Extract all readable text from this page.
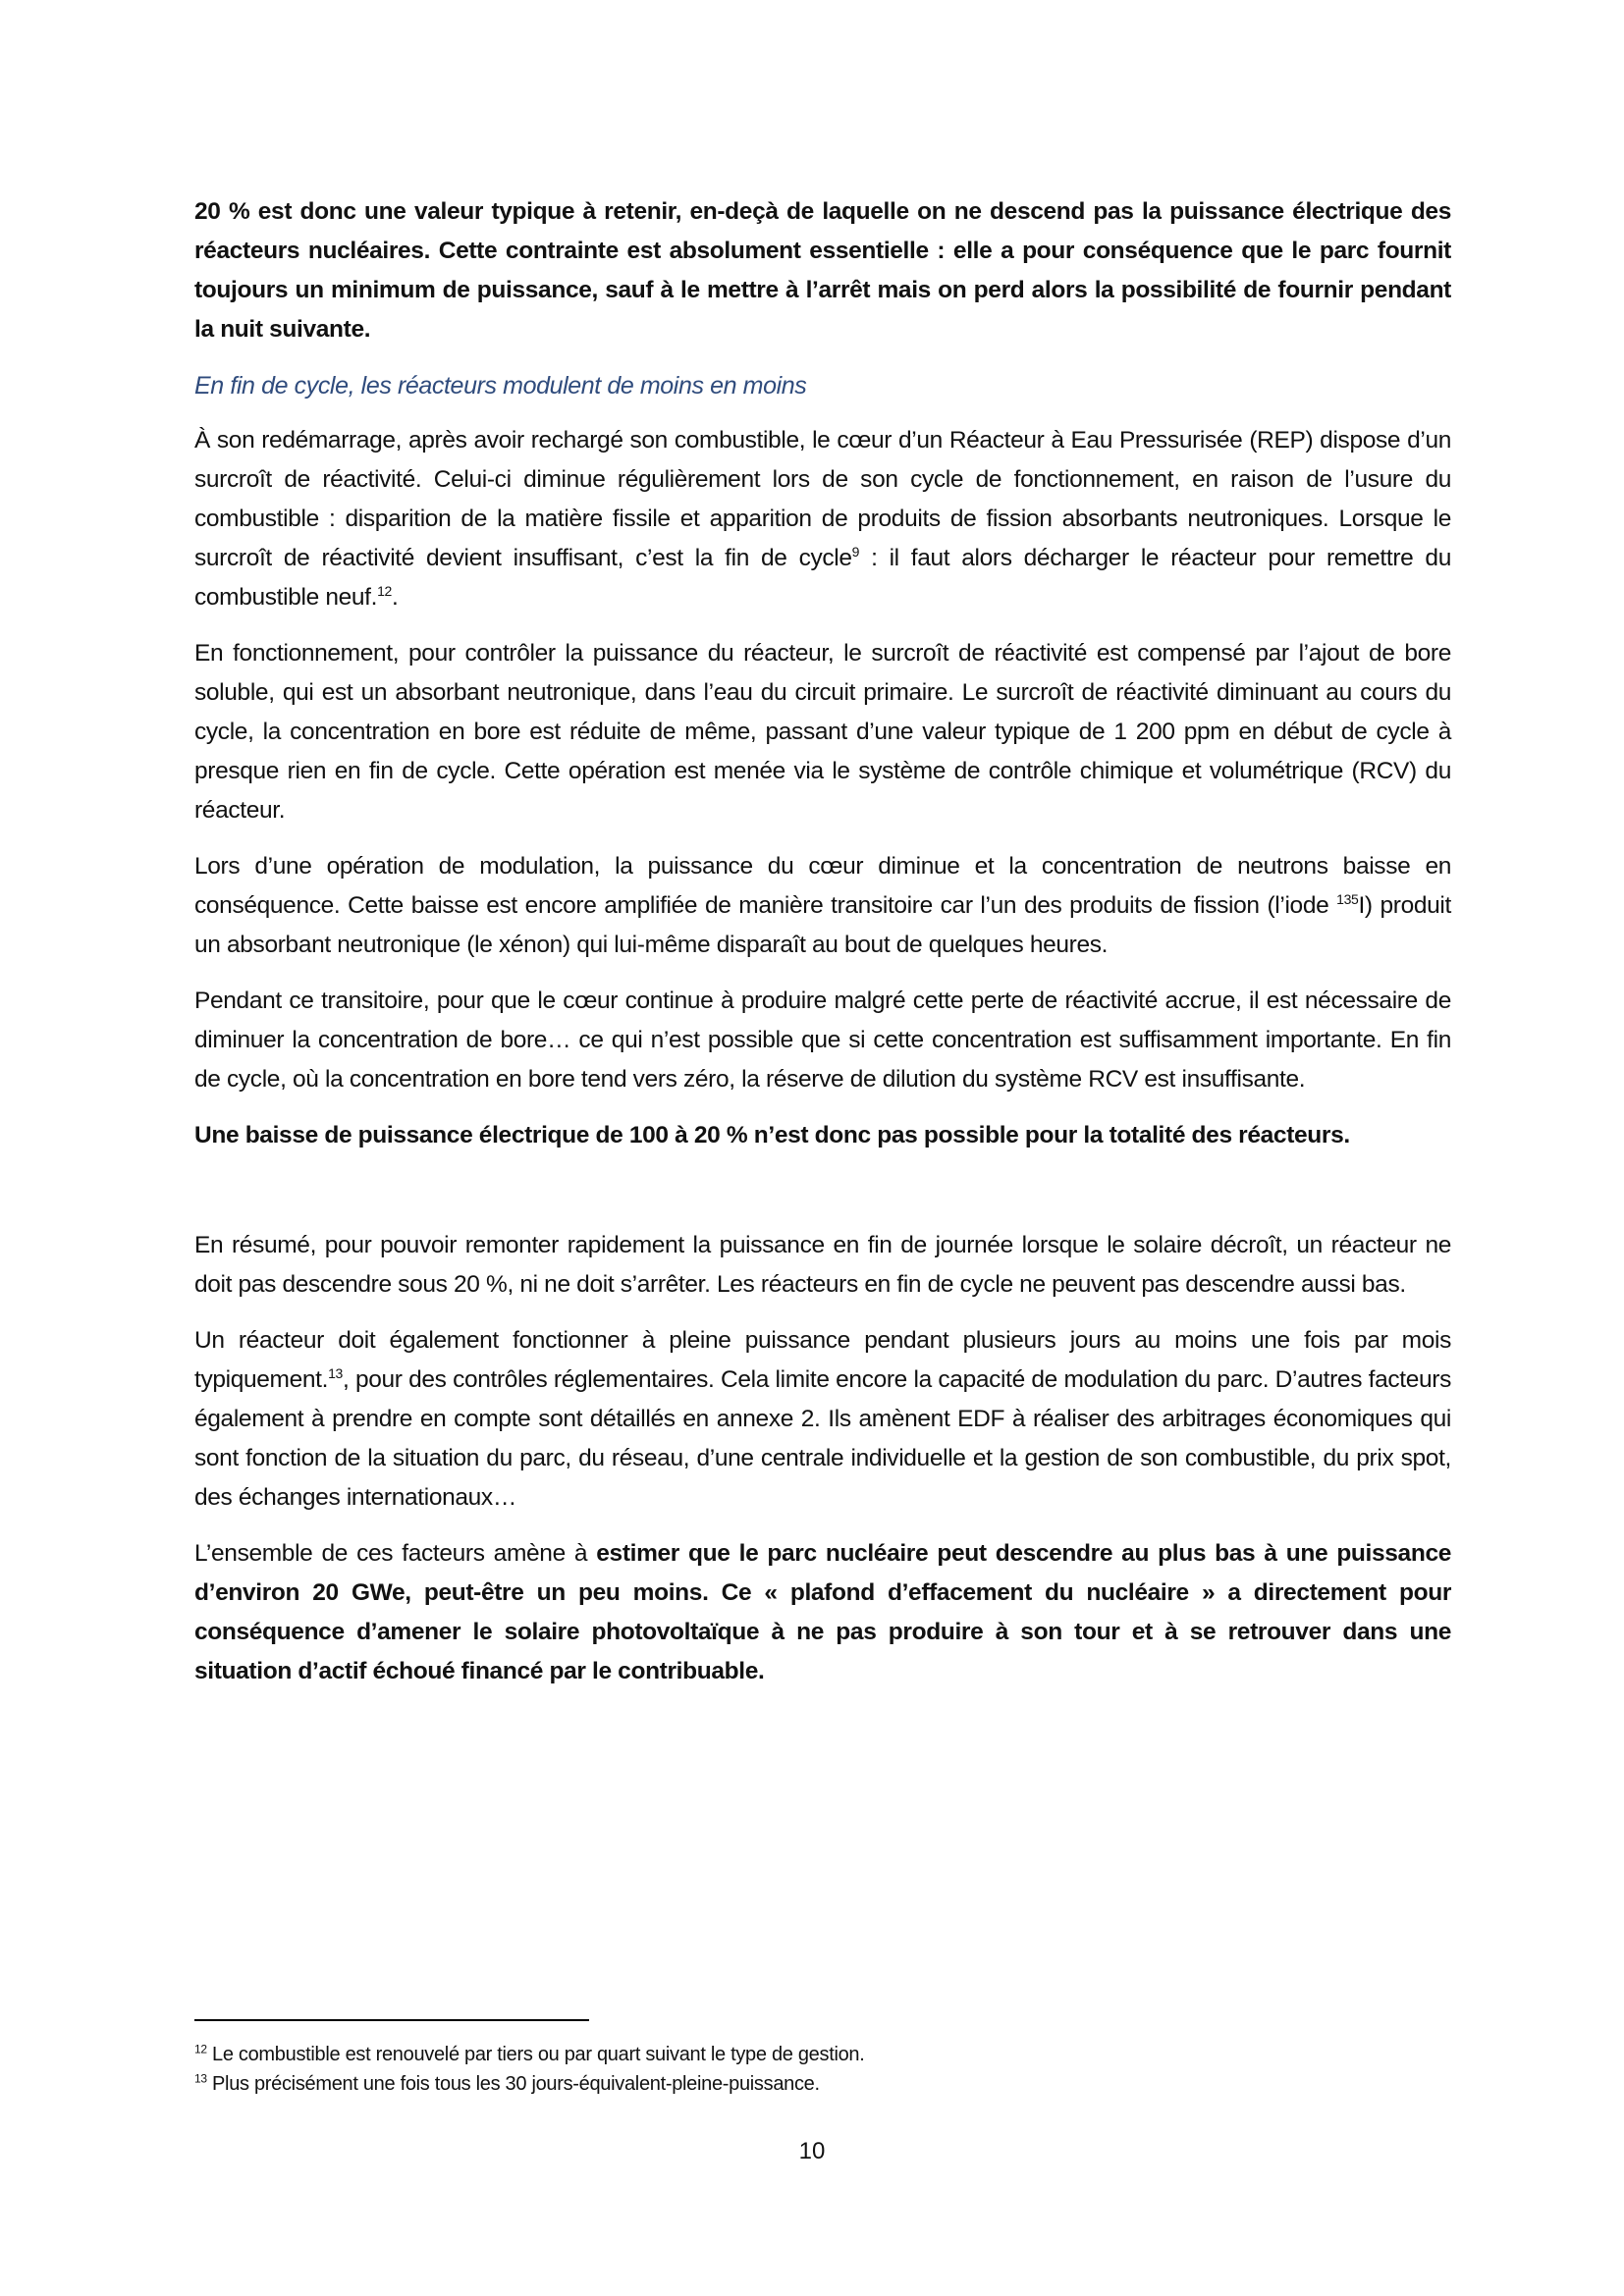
20 % est donc une valeur typique à retenir, en-deçà de laquelle on ne descend pas la puissance électrique des réacteurs nucléaires. Cette contrainte est absolument essentielle : elle a pour conséquence que le parc fournit toujours un minimum de puissance, sauf à le mettre à l’arrêt mais on perd alors la possibilité de fournir pendant la nuit suivante.

En fin de cycle, les réacteurs modulent de moins en moins

À son redémarrage, après avoir rechargé son combustible, le cœur d’un Réacteur à Eau Pressurisée (REP) dispose d’un surcroît de réactivité. Celui-ci diminue régulièrement lors de son cycle de fonctionnement, en raison de l’usure du combustible : disparition de la matière fissile et apparition de produits de fission absorbants neutroniques. Lorsque le surcroît de réactivité devient insuffisant, c’est la fin de cycle$^9$ : il faut alors décharger le réacteur pour remettre du combustible neuf.$^{12}$.

En fonctionnement, pour contrôler la puissance du réacteur, le surcroît de réactivité est compensé par l’ajout de bore soluble, qui est un absorbant neutronique, dans l’eau du circuit primaire. Le surcroît de réactivité diminuant au cours du cycle, la concentration en bore est réduite de même, passant d’une valeur typique de 1 200 ppm en début de cycle à presque rien en fin de cycle. Cette opération est menée via le système de contrôle chimique et volumétrique (RCV) du réacteur.

Lors d’une opération de modulation, la puissance du cœur diminue et la concentration de neutrons baisse en conséquence. Cette baisse est encore amplifiée de manière transitoire car l’un des produits de fission (l’iode $^{135}$I) produit un absorbant neutronique (le xénon) qui lui-même disparaît au bout de quelques heures.

Pendant ce transitoire, pour que le cœur continue à produire malgré cette perte de réactivité accrue, il est nécessaire de diminuer la concentration de bore… ce qui n’est possible que si cette concentration est suffisamment importante. En fin de cycle, où la concentration en bore tend vers zéro, la réserve de dilution du système RCV est insuffisante.

Une baisse de puissance électrique de 100 à 20 % n’est donc pas possible pour la totalité des réacteurs.

En résumé, pour pouvoir remonter rapidement la puissance en fin de journée lorsque le solaire décroît, un réacteur ne doit pas descendre sous 20 %, ni ne doit s’arrêter. Les réacteurs en fin de cycle ne peuvent pas descendre aussi bas.

Un réacteur doit également fonctionner à pleine puissance pendant plusieurs jours au moins une fois par mois typiquement.$^{13}$, pour des contrôles réglementaires. Cela limite encore la capacité de modulation du parc. D’autres facteurs également à prendre en compte sont détaillés en annexe 2. Ils amènent EDF à réaliser des arbitrages économiques qui sont fonction de la situation du parc, du réseau, d’une centrale individuelle et la gestion de son combustible, du prix spot, des échanges internationaux…

L’ensemble de ces facteurs amène à estimer que le parc nucléaire peut descendre au plus bas à une puissance d’environ 20 GWe, peut-être un peu moins. Ce « plafond d’effacement du nucléaire » a directement pour conséquence d’amener le solaire photovoltaïque à ne pas produire à son tour et à se retrouver dans une situation d’actif échoué financé par le contribuable.

$^{12}$ Le combustible est renouvelé par tiers ou par quart suivant le type de gestion.
$^{13}$ Plus précisément une fois tous les 30 jours-équivalent-pleine-puissance.
10
